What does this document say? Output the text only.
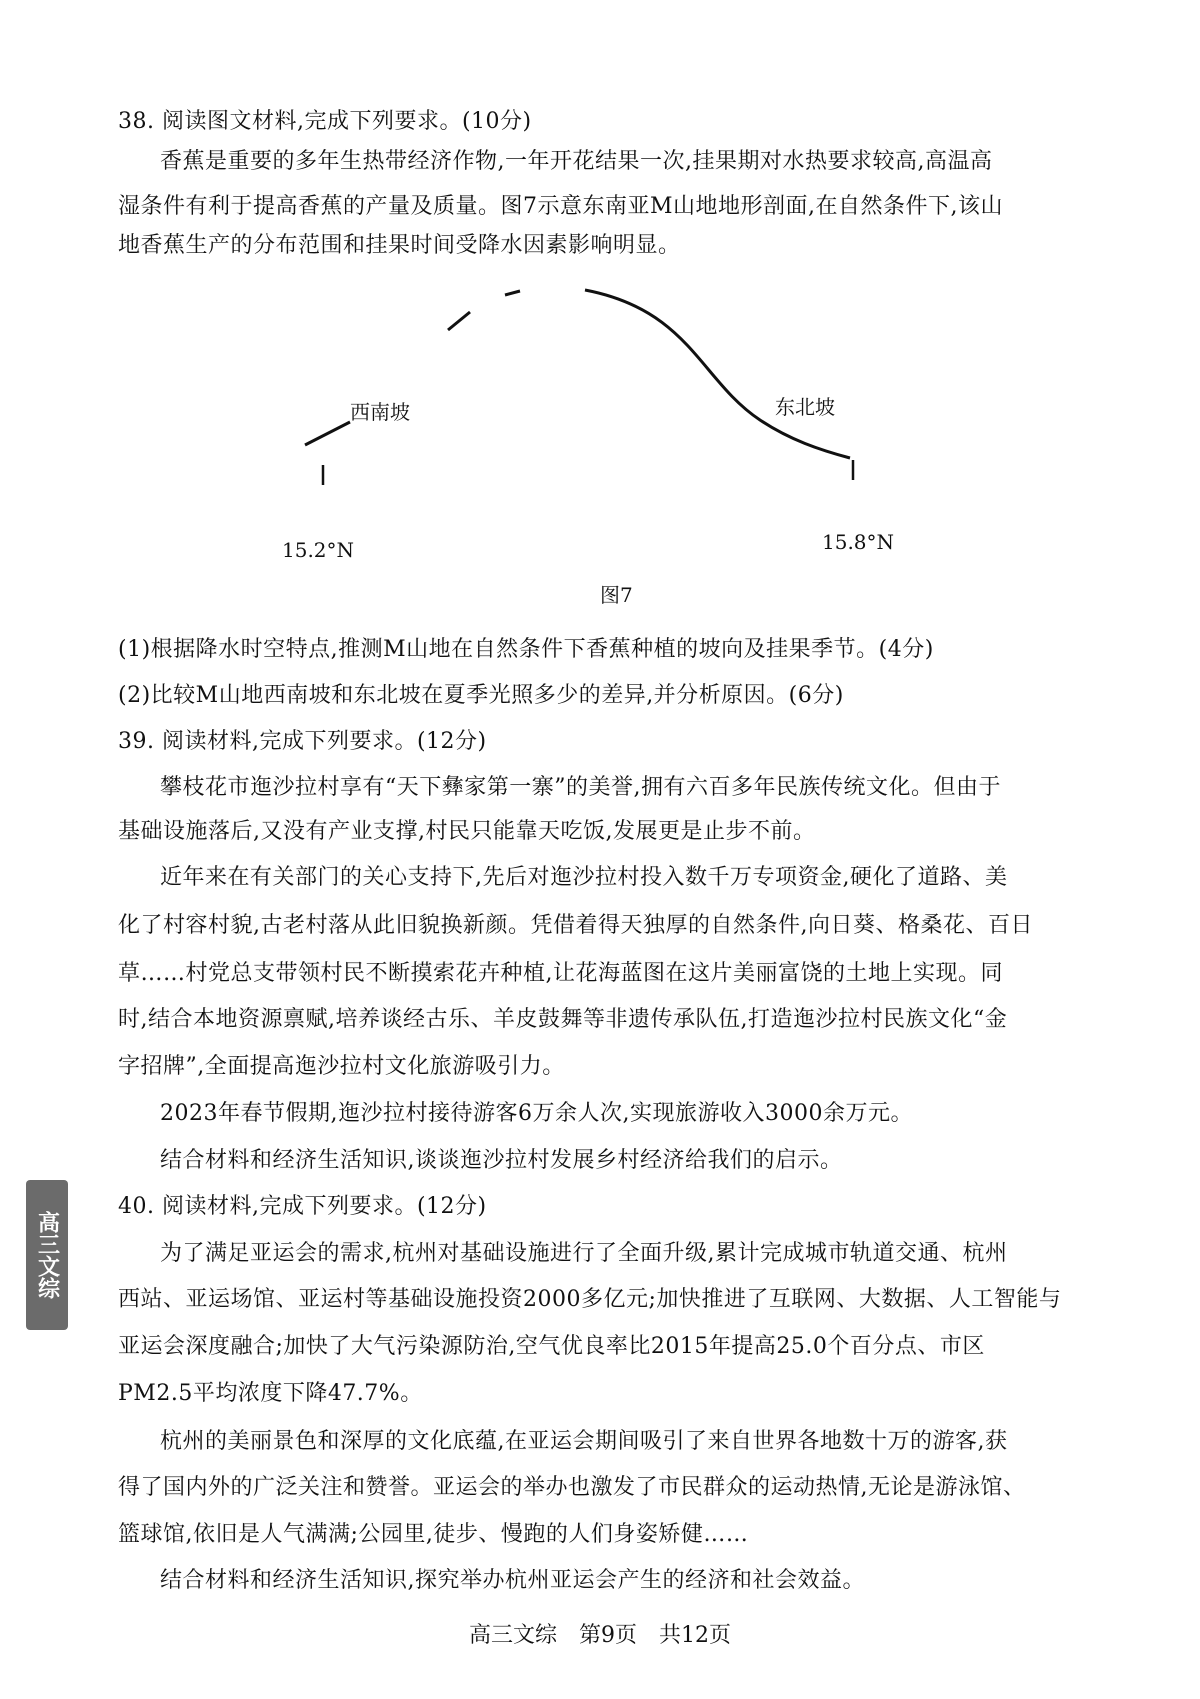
38. 阅读图文材料,完成下列要求。(10分)
香蕉是重要的多年生热带经济作物,一年开花结果一次,挂果期对水热要求较高,高温高
湿条件有利于提高香蕉的产量及质量。图7示意东南亚M山地地形剖面,在自然条件下,该山
地香蕉生产的分布范围和挂果时间受降水因素影响明显。
西南坡	东北坡
15.2°N	15.8°N
图7
(1)根据降水时空特点,推测M山地在自然条件下香蕉种植的坡向及挂果季节。(4分)
(2)比较M山地西南坡和东北坡在夏季光照多少的差异,并分析原因。(6分)
39. 阅读材料,完成下列要求。(12分)
攀枝花市迤沙拉村享有“天下彝家第一寨”的美誉,拥有六百多年民族传统文化。但由于
基础设施落后,又没有产业支撑,村民只能靠天吃饭,发展更是止步不前。
近年来在有关部门的关心支持下,先后对迤沙拉村投入数千万专项资金,硬化了道路、美
化了村容村貌,古老村落从此旧貌换新颜。凭借着得天独厚的自然条件,向日葵、格桑花、百日
草……村党总支带领村民不断摸索花卉种植,让花海蓝图在这片美丽富饶的土地上实现。同
时,结合本地资源禀赋,培养谈经古乐、羊皮鼓舞等非遗传承队伍,打造迤沙拉村民族文化“金
字招牌”,全面提高迤沙拉村文化旅游吸引力。
2023年春节假期,迤沙拉村接待游客6万余人次,实现旅游收入3000余万元。
结合材料和经济生活知识,谈谈迤沙拉村发展乡村经济给我们的启示。
40. 阅读材料,完成下列要求。(12分)
为了满足亚运会的需求,杭州对基础设施进行了全面升级,累计完成城市轨道交通、杭州
西站、亚运场馆、亚运村等基础设施投资2000多亿元;加快推进了互联网、大数据、人工智能与
亚运会深度融合;加快了大气污染源防治,空气优良率比2015年提高25.0个百分点、市区
PM2.5平均浓度下降47.7%。
杭州的美丽景色和深厚的文化底蕴,在亚运会期间吸引了来自世界各地数十万的游客,获
得了国内外的广泛关注和赞誉。亚运会的举办也激发了市民群众的运动热情,无论是游泳馆、
篮球馆,依旧是人气满满;公园里,徒步、慢跑的人们身姿矫健……
结合材料和经济生活知识,探究举办杭州亚运会产生的经济和社会效益。
高三文综
高三文综　第9页　共12页
